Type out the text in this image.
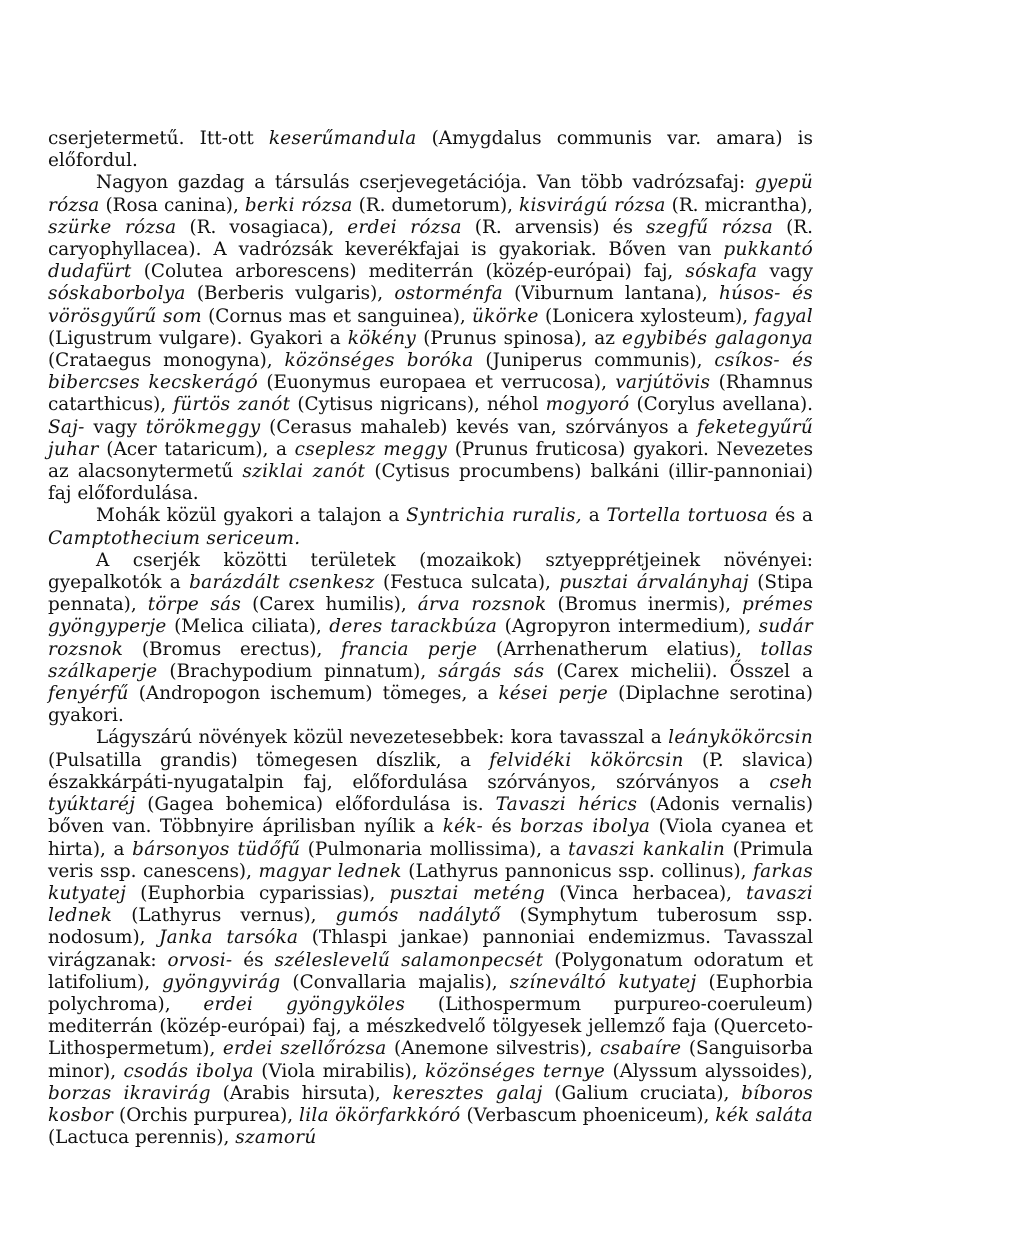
cserjetermetű. Itt-ott keserűmandula (Amygdalus communis var. amara) is előfordul.

Nagyon gazdag a társulás cserjevegetációja. Van több vadrózsafaj: gyepü rózsa (Rosa canina), berki rózsa (R. dumetorum), kisvirágú rózsa (R. micrantha), szürke rózsa (R. vosagiaca), erdei rózsa (R. arvensis) és szegfű rózsa (R. caryophyllacea). A vadrózsák keverékfajai is gyakoriak. Bőven van pukkantó dudafürt (Colutea arborescens) mediterrán (közép-európai) faj, sóskafa vagy sóskaborbolya (Berberis vulgaris), ostorménfa (Viburnum lantana), húsos- és vörösgyűrű som (Cornus mas et sanguinea), ükörke (Lonicera xylosteum), fagyal (Ligustrum vulgare). Gyakori a kökény (Prunus spinosa), az egybibés galagonya (Crataegus monogyna), közönséges boróka (Juniperus communis), csíkos- és bibercses kecskerágó (Euonymus europaea et verrucosa), varjútövis (Rhamnus catarthicus), fürtös zanót (Cytisus nigricans), néhol mogyoró (Corylus avellana). Saj- vagy törökmeggy (Cerasus mahaleb) kevés van, szórványos a feketegyűrű juhar (Acer tataricum), a cseplesz meggy (Prunus fruticosa) gyakori. Nevezetes az alacsonytermetű sziklai zanót (Cytisus procumbens) balkáni (illir-pannoniai) faj előfordulása.

Mohák közül gyakori a talajon a Syntrichia ruralis, a Tortella tortuosa és a Camptothecium sericeum.

A cserjék közötti területek (mozaikok) sztyepprétjeinek növényei: gyepalkotók a barázdált csenkesz (Festuca sulcata), pusztai árvalányhaj (Stipa pennata), törpe sás (Carex humilis), árva rozsnok (Bromus inermis), prémes gyöngyperje (Melica ciliata), deres tarackbúza (Agropyron intermedium), sudár rozsnok (Bromus erectus), francia perje (Arrhenatherum elatius), tollas szálkaperje (Brachypodium pinnatum), sárgás sás (Carex michelii). Ősszel a fenyérfű (Andropogon ischemum) tömeges, a kései perje (Diplachne serotina) gyakori.

Lágyszárú növények közül nevezetesebbek: kora tavasszal a leánykökörcsin (Pulsatilla grandis) tömegesen díszlik, a felvidéki kökörcsin (P. slavica) északkárpáti-nyugatalpin faj, előfordulása szórványos, szórványos a cseh tyúktaréj (Gagea bohemica) előfordulása is. Tavaszi hérics (Adonis vernalis) bőven van. Többnyire áprilisban nyílik a kék- és borzas ibolya (Viola cyanea et hirta), a bársonyos tüdőfű (Pulmonaria mollissima), a tavaszi kankalin (Primula veris ssp. canescens), magyar lednek (Lathyrus pannonicus ssp. collinus), farkas kutyatej (Euphorbia cyparissias), pusztai meténg (Vinca herbacea), tavaszi lednek (Lathyrus vernus), gumós nadálytő (Symphytum tuberosum ssp. nodosum), Janka tarsóka (Thlaspi jankae) pannoniai endemizmus. Tavasszal virágzanak: orvosi- és széleslevelű salamonpecsét (Polygonatum odoratum et latifolium), gyöngyvirág (Convallaria majalis), színeváltó kutyatej (Euphorbia polychroma), erdei gyöngyköles (Lithospermum purpureo-coeruleum) mediterrán (közép-európai) faj, a mészkedvelő tölgyesek jellemző faja (Querceto-Lithospermetum), erdei szellőrózsa (Anemone silvestris), csabaíre (Sanguisorba minor), csodás ibolya (Viola mirabilis), közönséges ternye (Alyssum alyssoides), borzas ikravirág (Arabis hirsuta), keresztes galaj (Galium cruciata), bíboros kosbor (Orchis purpurea), lila ökörfarkkóró (Verbascum phoeniceum), kék saláta (Lactuca perennis), szamorú
